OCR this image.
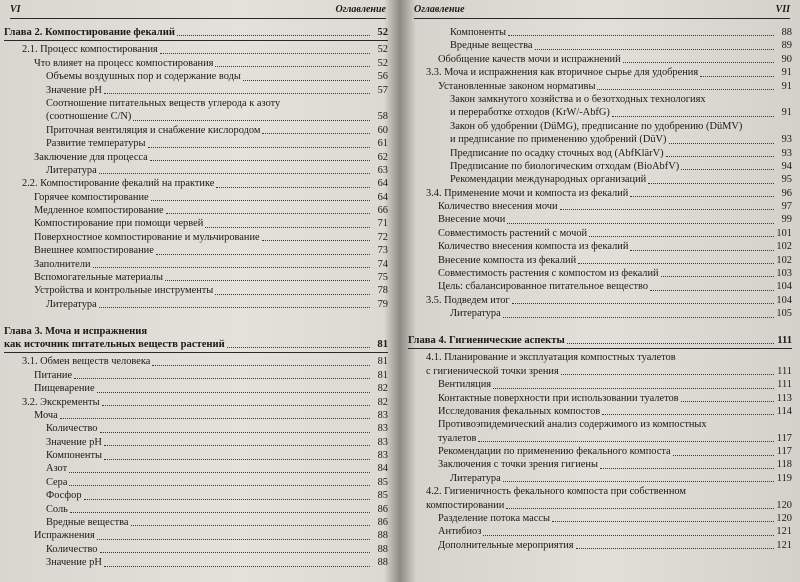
VI	Оглавление
Глава 2. Компостирование фекалий	52
2.1. Процесс компостирования	52
Что влияет на процесс компостирования	52
Объемы воздушных пор и содержание воды	56
Значение pH	57
Соотношение питательных веществ углерода к азоту
(соотношение C/N)	58
Приточная вентиляция и снабжение кислородом	60
Развитие температуры	61
Заключение для процесса	62
Литература	63
2.2. Компостирование фекалий на практике	64
Горячее компостирование	64
Медленное компостирование	66
Компостирование при помощи червей	71
Поверхностное компостирование и мульчирование	72
Внешнее компостирование	73
Заполнители	74
Вспомогательные материалы	75
Устройства и контрольные инструменты	78
Литература	79
Глава 3. Моча и испражнения
как источник питательных веществ растений	81
3.1. Обмен веществ человека	81
Питание	81
Пищеварение	82
3.2. Экскременты	82
Моча	83
Количество	83
Значение pH	83
Компоненты	83
Азот	84
Сера	85
Фосфор	85
Соль	86
Вредные вещества	86
Испражнения	88
Количество	88
Значение pH	88
Оглавление	VII
Компоненты	88
Вредные вещества	89
Обобщение качеств мочи и испражнений	90
3.3. Моча и испражнения как вторичное сырье для удобрения	91
Установленные законом нормативы	91
Закон замкнутого хозяйства и о безотходных технологиях
и переработке отходов (KrW/-AbfG)	91
Закон об удобрении (DüMG), предписание по удобрению (DüMV)
и предписание по применению удобрений (DüV)	93
Предписание по осадку сточных вод (AbfKlärV)	93
Предписание по биологическим отходам (BioAbfV)	94
Рекомендации международных организаций	95
3.4. Применение мочи и компоста из фекалий	96
Количество внесения мочи	97
Внесение мочи	99
Совместимость растений с мочой	101
Количество внесения компоста из фекалий	102
Внесение компоста из фекалий	102
Совместимость растения с компостом из фекалий	103
Цель: сбалансированное питательное вещество	104
3.5. Подведем итог	104
Литература	105
Глава 4. Гигиенические аспекты	111
4.1. Планирование и эксплуатация компостных туалетов
с гигиенической точки зрения	111
Вентиляция	111
Контактные поверхности при использовании туалетов	113
Исследования фекальных компостов	114
Противоэпидемический анализ содержимого из компостных
туалетов	117
Рекомендации по применению фекального компоста	117
Заключения с точки зрения гигиены	118
Литература	119
4.2. Гигиеничность фекального компоста при собственном
компостировании	120
Разделение потока массы	120
Антибиоз	121
Дополнительные мероприятия	121
